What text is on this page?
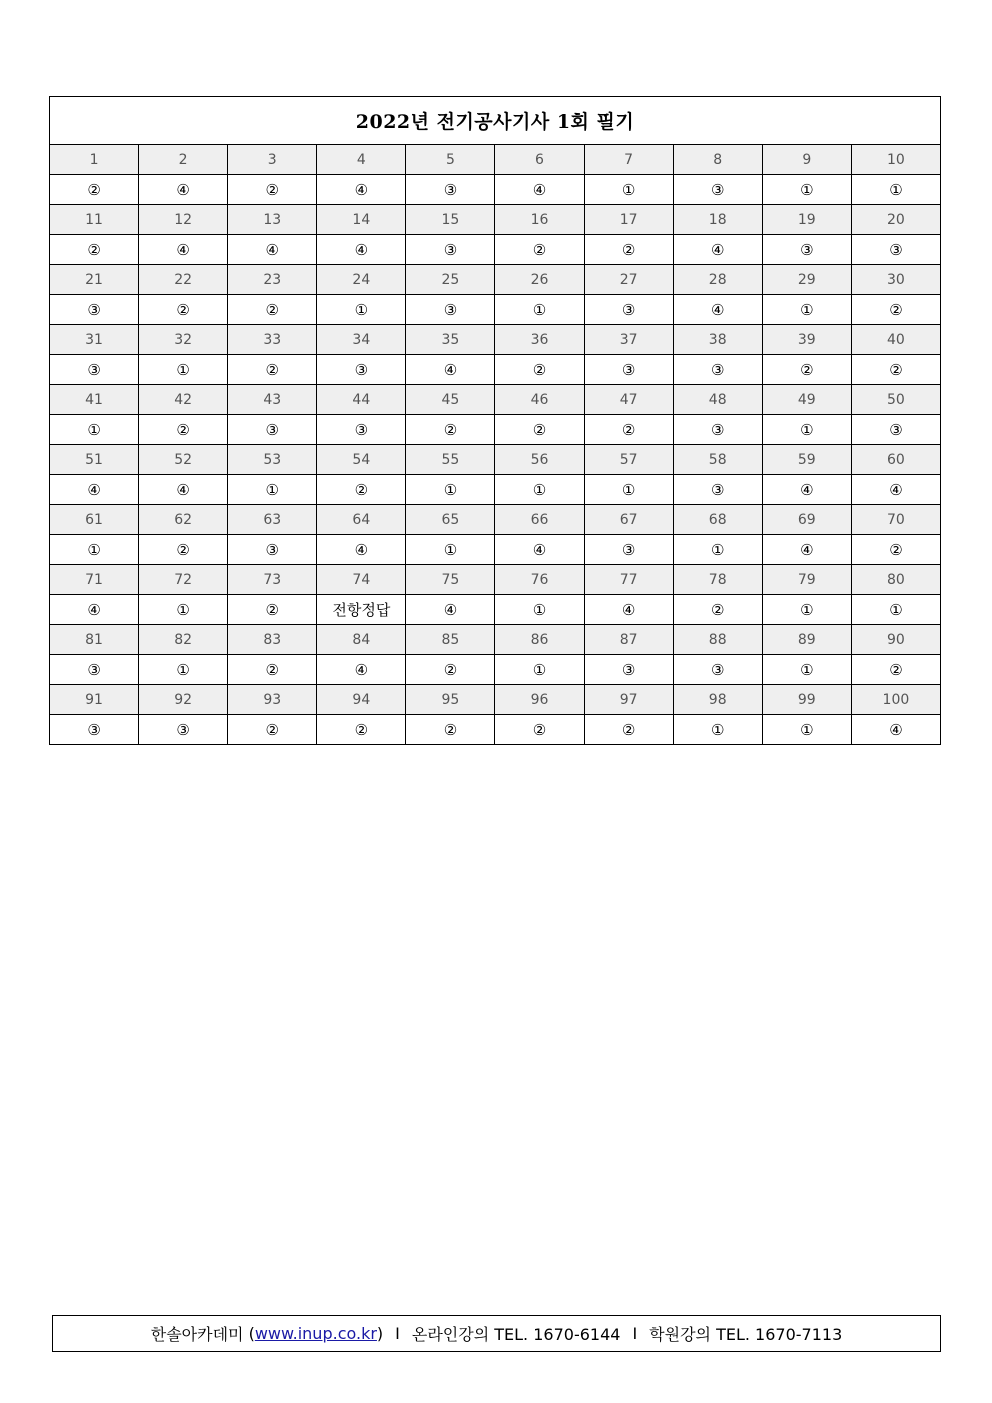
2022년 전기공사기사 1회 필기									
1	2	3	4	5	6	7	8	9	10
②	④	②	④	③	④	①	③	①	①
11	12	13	14	15	16	17	18	19	20
②	④	④	④	③	②	②	④	③	③
21	22	23	24	25	26	27	28	29	30
③	②	②	①	③	①	③	④	①	②
31	32	33	34	35	36	37	38	39	40
③	①	②	③	④	②	③	③	②	②
41	42	43	44	45	46	47	48	49	50
①	②	③	③	②	②	②	③	①	③
51	52	53	54	55	56	57	58	59	60
④	④	①	②	①	①	①	③	④	④
61	62	63	64	65	66	67	68	69	70
①	②	③	④	①	④	③	①	④	②
71	72	73	74	75	76	77	78	79	80
④	①	②	전항정답	④	①	④	②	①	①
81	82	83	84	85	86	87	88	89	90
③	①	②	④	②	①	③	③	①	②
91	92	93	94	95	96	97	98	99	100
③	③	②	②	②	②	②	①	①	④
한솔아카데미
( www.inup.co.kr ) I 온라인강의 TEL. 1670-6144 I 학원강의 TEL. 1670-7113
